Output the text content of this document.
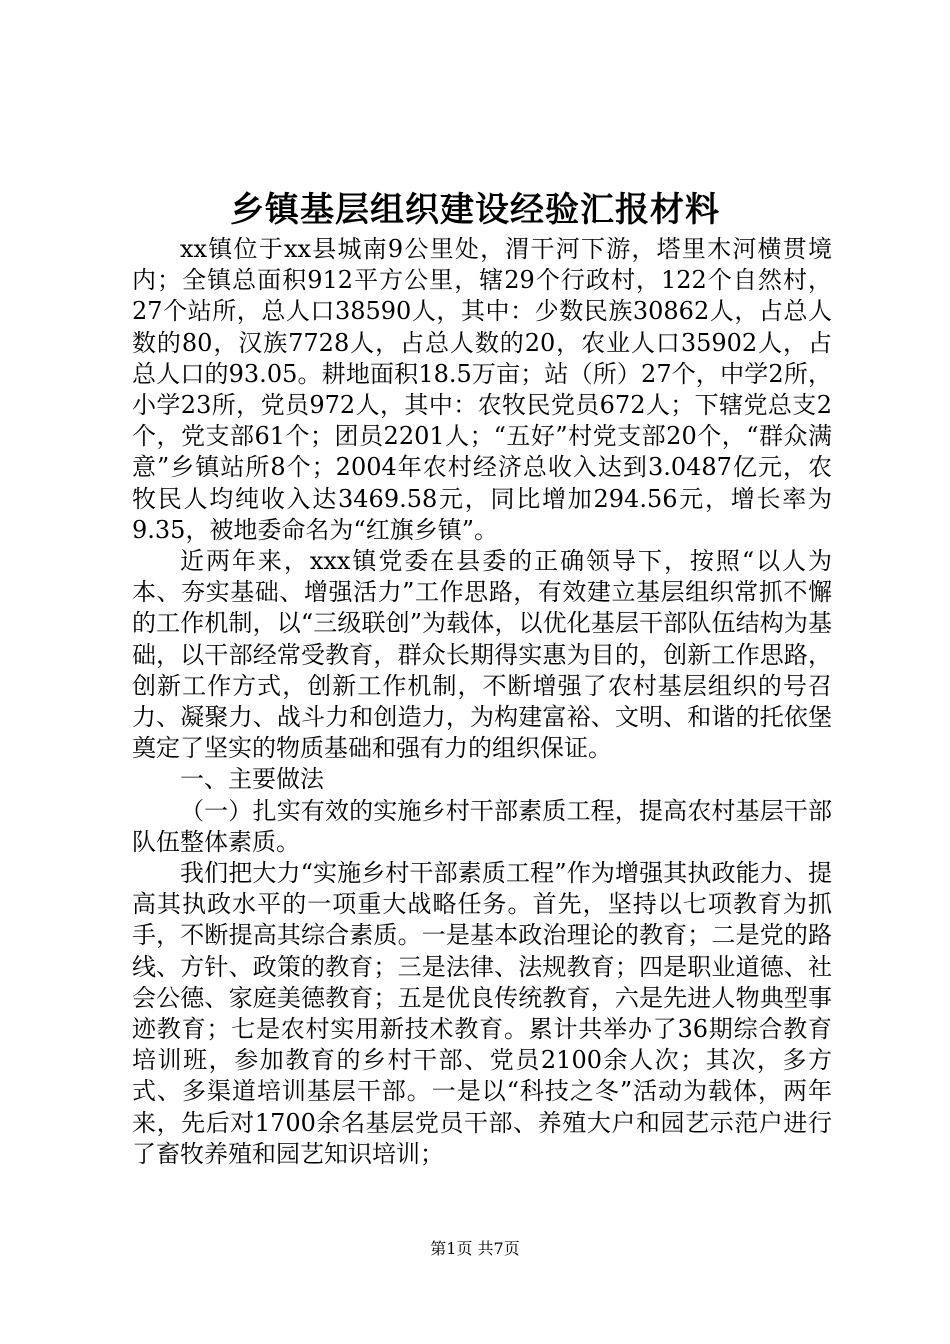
乡镇基层组织建设经验汇报材料

xx镇位于xx县城南9公里处，渭干河下游，塔里木河横贯境内；全镇总面积912平方公里，辖29个行政村，122个自然村，27个站所，总人口38590人，其中：少数民族30862人，占总人数的80，汉族7728人，占总人数的20，农业人口35902人，占总人口的93.05。耕地面积18.5万亩；站（所）27个，中学2所，小学23所，党员972人，其中：农牧民党员672人；下辖党总支2个，党支部61个；团员2201人；“五好”村党支部20个，“群众满意”乡镇站所8个；2004年农村经济总收入达到3.0487亿元，农牧民人均纯收入达3469.58元，同比增加294.56元，增长率为9.35，被地委命名为“红旗乡镇”。

近两年来，xxx镇党委在县委的正确领导下，按照“以人为本、夯实基础、增强活力”工作思路，有效建立基层组织常抓不懈的工作机制，以“三级联创”为载体，以优化基层干部队伍结构为基础，以干部经常受教育，群众长期得实惠为目的，创新工作思路，创新工作方式，创新工作机制，不断增强了农村基层组织的号召力、凝聚力、战斗力和创造力，为构建富裕、文明、和谐的托依堡奠定了坚实的物质基础和强有力的组织保证。

一、主要做法

（一）扎实有效的实施乡村干部素质工程，提高农村基层干部队伍整体素质。

我们把大力“实施乡村干部素质工程”作为增强其执政能力、提高其执政水平的一项重大战略任务。首先，坚持以七项教育为抓手，不断提高其综合素质。一是基本政治理论的教育；二是党的路线、方针、政策的教育；三是法律、法规教育；四是职业道德、社会公德、家庭美德教育；五是优良传统教育，六是先进人物典型事迹教育；七是农村实用新技术教育。累计共举办了36期综合教育培训班，参加教育的乡村干部、党员2100余人次；其次，多方式、多渠道培训基层干部。一是以“科技之冬”活动为载体，两年来，先后对1700余名基层党员干部、养殖大户和园艺示范户进行了畜牧养殖和园艺知识培训；

第1页 共7页
